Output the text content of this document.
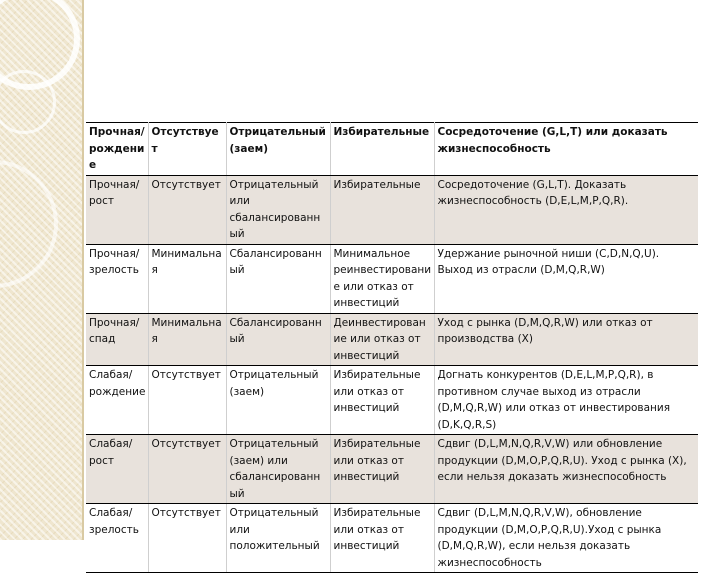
Прочная/ рождение	Отсутствует	Отрицательный (заем)	Избирательные	Сосредоточение (G,L,T) или доказать жизнеспособность
Прочная/ рост	Отсутствует	Отрицательный или сбалансированный	Избирательные	Сосредоточение (G,L,T). Доказать жизнеспособность (D,E,L,M,P,Q,R).
Прочная/ зрелость	Минимальная	Сбалансированный	Минимальное реинвестирование или отказ от инвестиций	Удержание рыночной ниши (C,D,N,Q,U). Выход из отрасли (D,M,Q,R,W)
Прочная/ спад	Минимальная	Сбалансированный	Деинвестирование или отказ от инвестиций	Уход с рынка (D,M,Q,R,W) или отказ от производства (X)
Слабая/ рождение	Отсутствует	Отрицательный (заем)	Избирательные или отказ от инвестиций	Догнать конкурентов (D,E,L,M,P,Q,R), в противном случае выход из отрасли (D,M,Q,R,W) или отказ от инвестирования (D,K,Q,R,S)
Слабая/ рост	Отсутствует	Отрицательный (заем) или сбалансированный	Избирательные или отказ от инвестиций	Сдвиг (D,L,M,N,Q,R,V,W) или обновление продукции (D,M,O,P,Q,R,U). Уход с рынка (X), если нельзя доказать жизнеспособность
Слабая/ зрелость	Отсутствует	Отрицательный или положительный	Избирательные или отказ от инвестиций	Сдвиг (D,L,M,N,Q,R,V,W), обновление продукции (D,M,O,P,Q,R,U).Уход с рынка (D,M,Q,R,W), если нельзя доказать жизнеспособность
